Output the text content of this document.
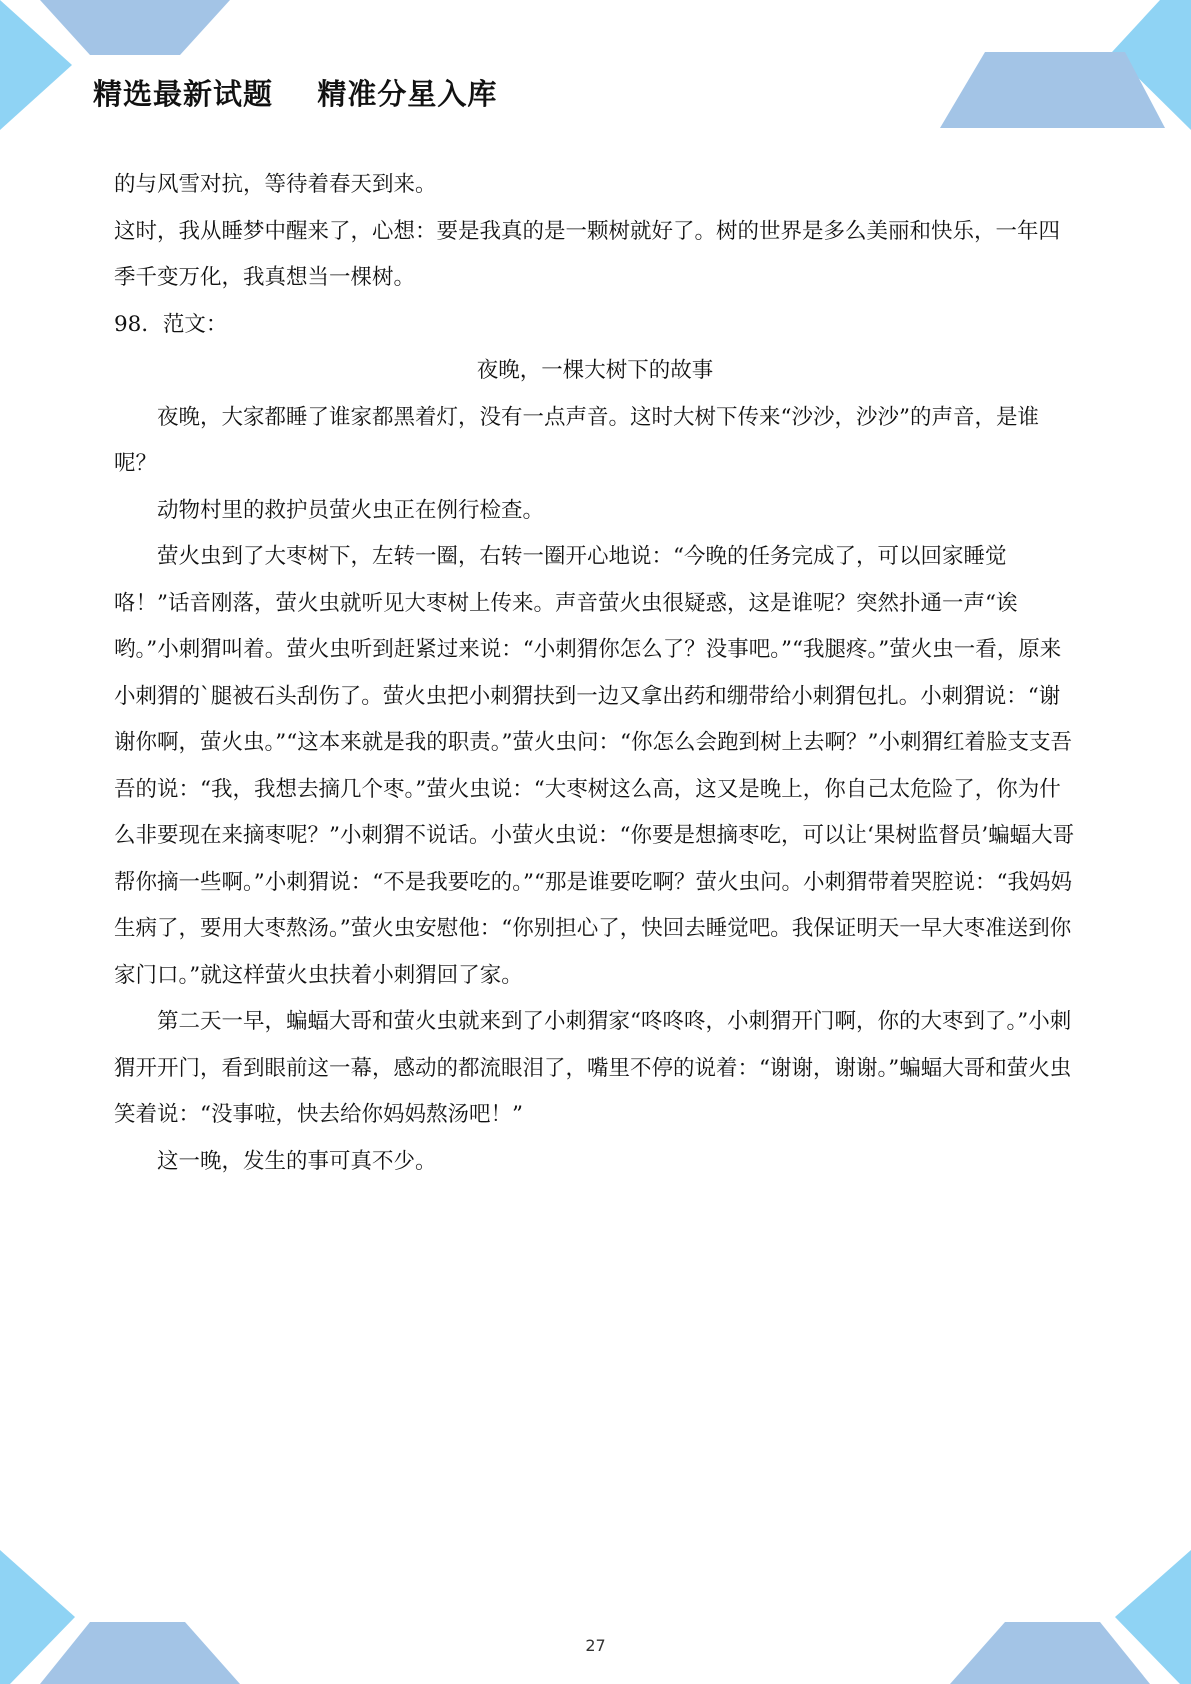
精选最新试题    精准分星入库

的与风雪对抗，等待着春天到来。

这时，我从睡梦中醒来了，心想：要是我真的是一颗树就好了。树的世界是多么美丽和快乐，一年四季千变万化，我真想当一棵树。

98．范文：

夜晚，一棵大树下的故事

夜晚，大家都睡了谁家都黑着灯，没有一点声音。这时大树下传来“沙沙，沙沙”的声音，是谁呢？

动物村里的救护员萤火虫正在例行检查。

萤火虫到了大枣树下，左转一圈，右转一圈开心地说：“今晚的任务完成了，可以回家睡觉咯！”话音刚落，萤火虫就听见大枣树上传来。声音萤火虫很疑惑，这是谁呢？突然扑通一声“诶哟。”小刺猬叫着。萤火虫听到赶紧过来说：“小刺猬你怎么了？没事吧。”“我腿疼。”萤火虫一看，原来小刺猬的`腿被石头刮伤了。萤火虫把小刺猬扶到一边又拿出药和绷带给小刺猬包扎。小刺猬说：“谢谢你啊，萤火虫。”“这本来就是我的职责。”萤火虫问：“你怎么会跑到树上去啊？”小刺猬红着脸支支吾吾的说：“我，我想去摘几个枣。”萤火虫说：“大枣树这么高，这又是晚上，你自己太危险了，你为什么非要现在来摘枣呢？”小刺猬不说话。小萤火虫说：“你要是想摘枣吃，可以让‘果树监督员’蝙蝠大哥帮你摘一些啊。”小刺猬说：“不是我要吃的。”“那是谁要吃啊？萤火虫问。小刺猬带着哭腔说：“我妈妈生病了，要用大枣熬汤。”萤火虫安慰他：“你别担心了，快回去睡觉吧。我保证明天一早大枣准送到你家门口。”就这样萤火虫扶着小刺猬回了家。

第二天一早，蝙蝠大哥和萤火虫就来到了小刺猬家“咚咚咚，小刺猬开门啊，你的大枣到了。”小刺猬开开门，看到眼前这一幕，感动的都流眼泪了，嘴里不停的说着：“谢谢，谢谢。”蝙蝠大哥和萤火虫笑着说：“没事啦，快去给你妈妈熬汤吧！”

这一晚，发生的事可真不少。

27
